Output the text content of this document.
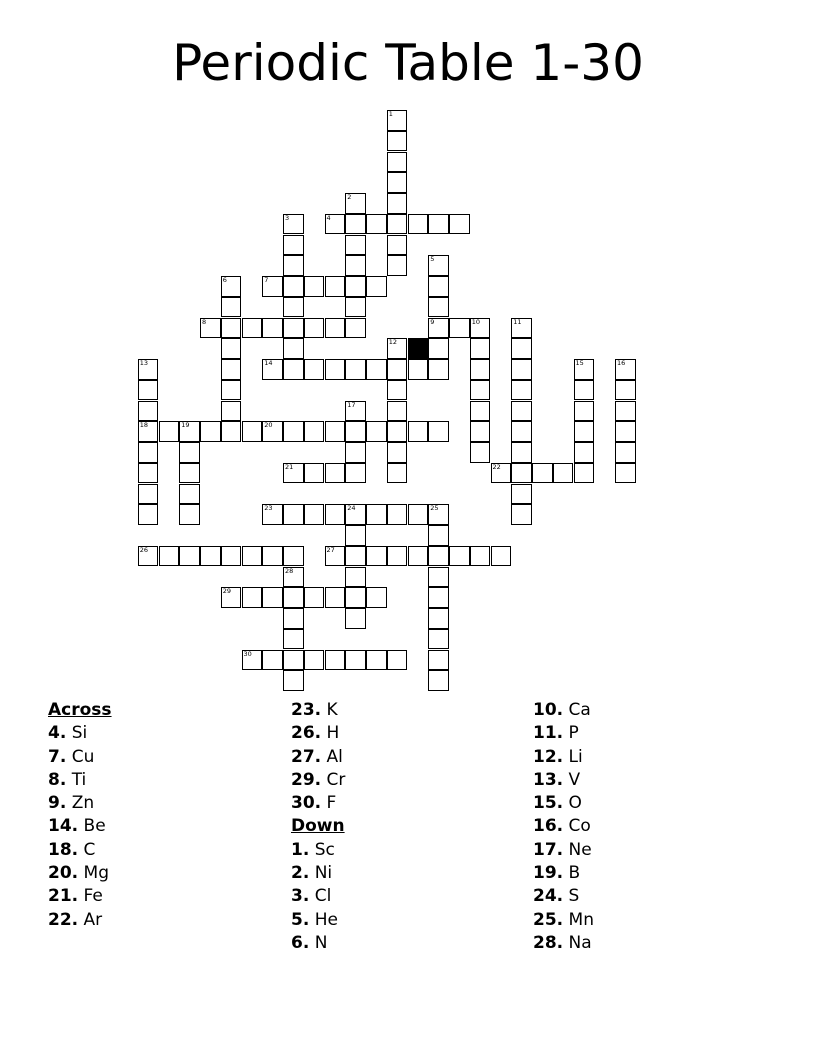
Periodic Table 1-30
4
7
8	9	10
14
18	19	20
21	22
23	24	25
26	27
29
30
1
2
3
5
6
11
12
13	15	16
17
28
Across
4. Si
7. Cu
8. Ti
9. Zn
14. Be
18. C
20. Mg
21. Fe
22. Ar
23. K
26. H
27. Al
29. Cr
30. F
Down
1. Sc
2. Ni
3. Cl
5. He
6. N
10. Ca
11. P
12. Li
13. V
15. O
16. Co
17. Ne
19. B
24. S
25. Mn
28. Na
